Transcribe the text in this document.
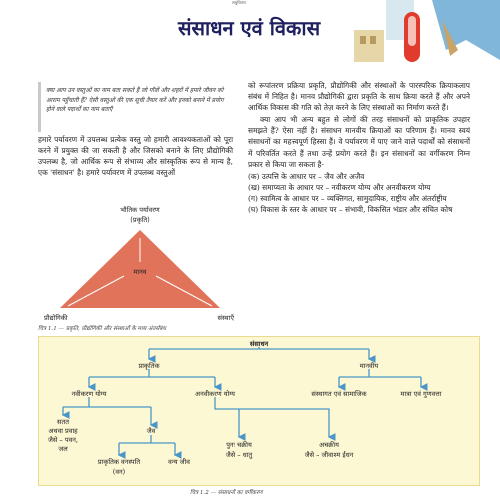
लघुचित्रण
संसाधन एवं विकास
क्या आप उन वस्तुओं का नाम बता सकते हैं जो गाँवों और शहरों में हमारे जीवन को आराम पहुँचाती हैं? ऐसी वस्तुओं की एक सूची तैयार करें और इनको बनाने में प्रयोग होने वाले पदार्थों का नाम बताएँ
हमारे पर्यावरण में उपलब्ध प्रत्येक वस्तु जो हमारी आवश्यकताओं को पूरा करने में प्रयुक्त की जा सकती है और जिसको बनाने के लिए प्रौद्योगिकी उपलब्ध है, जो आर्थिक रूप से संभाव्य और सांस्कृतिक रूप से मान्य है, एक 'संसाधन' है। हमारे पर्यावरण में उपलब्ध वस्तुओं
भौतिक पर्यावरण
(प्रकृति)
मानव
प्रौद्योगिकी	संस्थाएँ
चित्र 1.1 — प्रकृति, प्रौद्योगिकी और संस्थाओं के मध्य अंतर्संबंध

को रूपांतरण प्रक्रिया प्रकृति, प्रौद्योगिकी और संस्थाओं के पारस्परिक क्रियाकलाप संबंध में निहित है। मानव प्रौद्योगिकी द्वारा प्रकृति के साथ क्रिया करते हैं और अपने आर्थिक विकास की गति को तेज़ करने के लिए संस्थाओं का निर्माण करते हैं।

क्या आप भी अन्य बहुत से लोगों की तरह संसाधनों को प्राकृतिक उपहार समझते हैं? ऐसा नहीं है। संसाधन मानवीय क्रियाओं का परिणाम हैं। मानव स्वयं संसाधनों का महत्त्वपूर्ण हिस्सा हैं। वे पर्यावरण में पाए जाने वाले पदार्थों को संसाधनों में परिवर्तित करते हैं तथा उन्हें प्रयोग करते हैं। इन संसाधनों का वर्गीकरण निम्न प्रकार से किया जा सकता है-

(क) उत्पत्ति के आधार पर – जैव और अजैव
(ख) समाप्यता के आधार पर – नवीकरण योग्य और अनवीकरण योग्य
(ग) स्वामित्व के आधार पर – व्यक्तिगत, सामुदायिक, राष्ट्रीय और अंतर्राष्ट्रीय
(घ) विकास के स्तर के आधार पर – संभावी, विकसित भंडार और संचित कोष
संसाधन
प्राकृतिक	मानवीय
नवीकरण योग्य	अनवीकरण योग्य	संस्थागत एवं सामाजिक	मात्रा एवं गुणवत्ता
सतत
अथवा प्रवाह
जैसे – पवन,
जल
जैव
पुनः चक्रीय
जैसे – धातु
अचक्रीय
जैसे – जीवाश्म ईंधन
प्राकृतिक वनस्पति
(वन)
वन्य जीव
चित्र 1.2 — संसाधनों का वर्गीकरण
